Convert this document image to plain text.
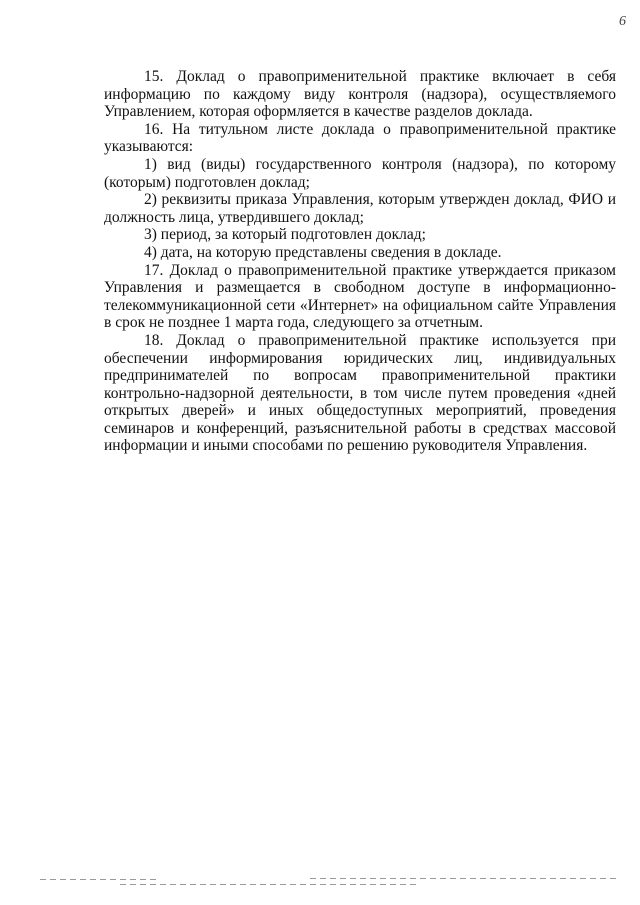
6

15. Доклад о правоприменительной практике включает в себя информацию по каждому виду контроля (надзора), осуществляемого Управлением, которая оформляется в качестве разделов доклада.

16. На титульном листе доклада о правоприменительной практике указываются:

1) вид (виды) государственного контроля (надзора), по которому (которым) подготовлен доклад;

2) реквизиты приказа Управления, которым утвержден доклад, ФИО и должность лица, утвердившего доклад;

3) период, за который подготовлен доклад;

4) дата, на которую представлены сведения в докладе.

17. Доклад о правоприменительной практике утверждается приказом Управления и размещается в свободном доступе в информационно-телекоммуникационной сети «Интернет» на официальном сайте Управления в срок не позднее 1 марта года, следующего за отчетным.

18. Доклад о правоприменительной практике используется при обеспечении информирования юридических лиц, индивидуальных предпринимателей по вопросам правоприменительной практики контрольно-надзорной деятельности, в том числе путем проведения «дней открытых дверей» и иных общедоступных мероприятий, проведения семинаров и конференций, разъяснительной работы в средствах массовой информации и иными способами по решению руководителя Управления.
